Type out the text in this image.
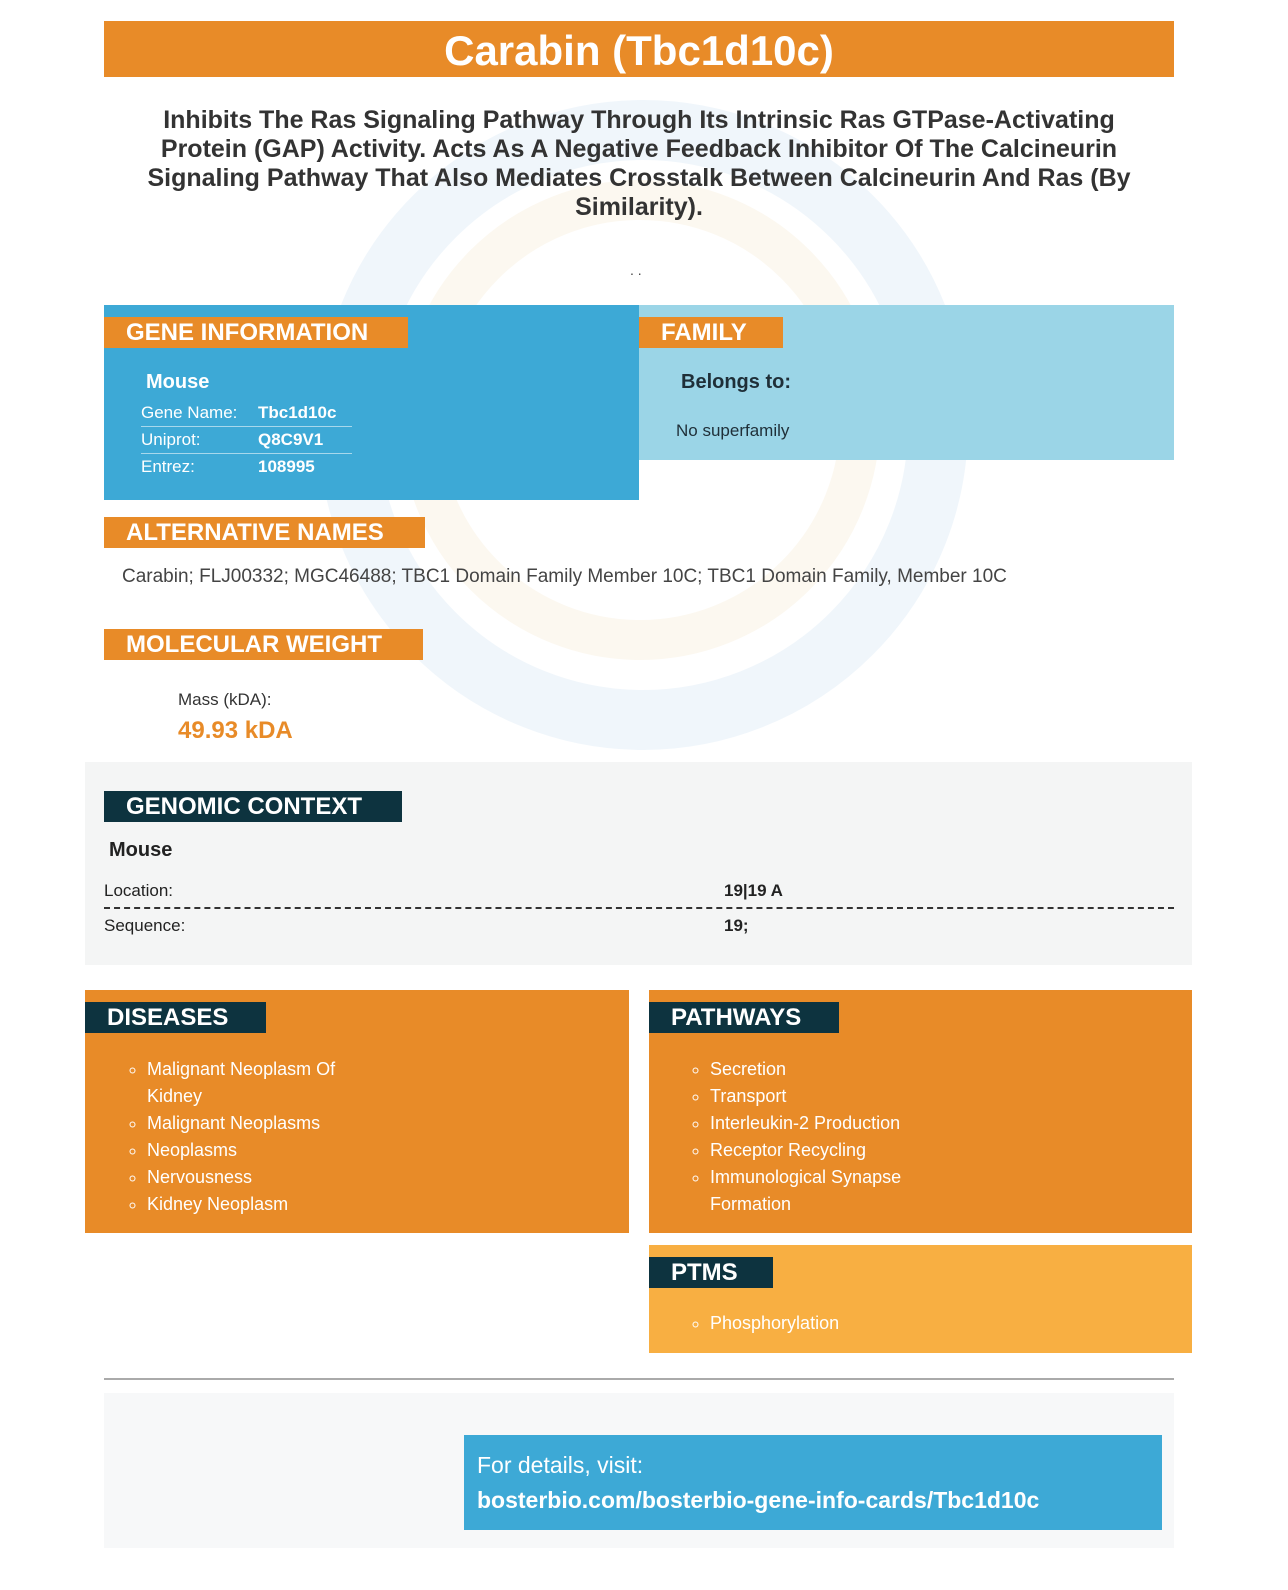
Carabin (Tbc1d10c)
Inhibits The Ras Signaling Pathway Through Its Intrinsic Ras GTPase-Activating Protein (GAP) Activity. Acts As A Negative Feedback Inhibitor Of The Calcineurin Signaling Pathway That Also Mediates Crosstalk Between Calcineurin And Ras (By Similarity).
. .
GENE INFORMATION
Mouse
Gene Name: Tbc1d10c
Uniprot:	Q8C9V1
Entrez:	108995
FAMILY
Belongs to:
No superfamily
ALTERNATIVE NAMES
Carabin; FLJ00332; MGC46488; TBC1 Domain Family Member 10C; TBC1 Domain Family, Member 10C
MOLECULAR WEIGHT
Mass (kDA):
49.93 kDA
GENOMIC CONTEXT
Mouse
Location:	19|19 A
Sequence:	19;
DISEASES
◦ Malignant Neoplasm Of Kidney
◦ Malignant Neoplasms
◦ Neoplasms
◦ Nervousness
◦ Kidney Neoplasm
PATHWAYS
◦ Secretion
◦ Transport
◦ Interleukin-2 Production
◦ Receptor Recycling
◦ Immunological Synapse Formation
PTMS
◦ Phosphorylation
For details, visit:
bosterbio.com/bosterbio-gene-info-cards/Tbc1d10c
